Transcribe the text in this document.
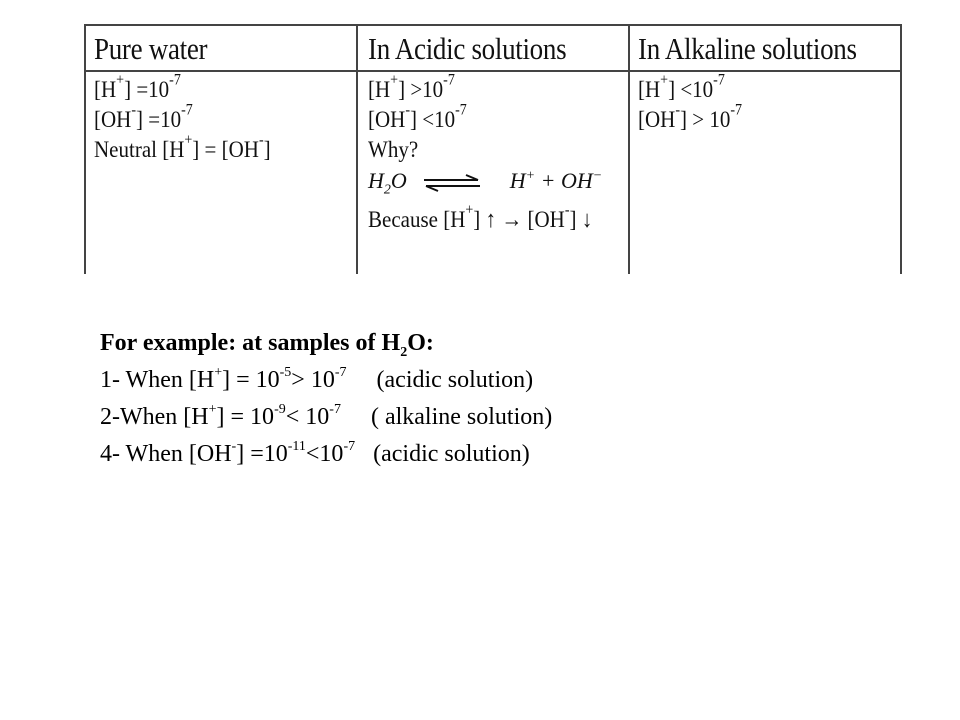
Pure water	In Acidic solutions	In Alkaline solutions
$[H^+] =10^{-7}$
$[OH^-] =10^{-7}$
Neutral [H+] = [OH-]
$[H^+] >10^{-7}$
$[OH^-] <10^{-7}$
Why?
$H_2O$ ⇌ H+ + OH−
Because [H+] ↑ → [OH-] ↓
$[H^+] <10^{-7}$
$[OH^-] > 10^{-7}$
For example: at samples of $H_2O$:
1- When $[H^+] = 10^{-5}> 10^{-7}$     (acidic solution)
2-When $[H^+] = 10^{-9}< 10^{-7}$     ( alkaline solution)
4- When $[OH^-] =10^{-11}<10^{-7}$   (acidic solution)
